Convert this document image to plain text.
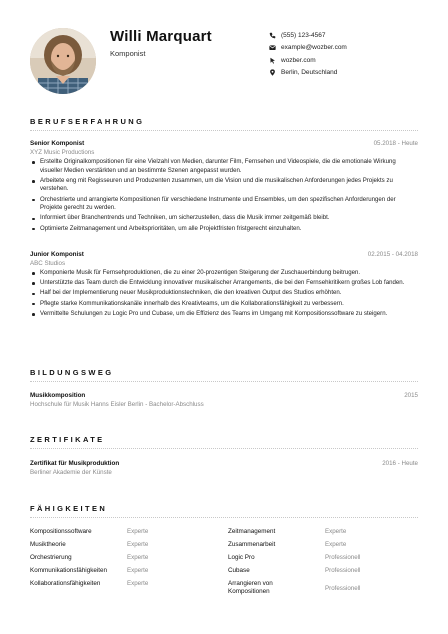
Willi Marquart
Komponist
(555) 123-4567
example@wozber.com
wozber.com
Berlin, Deutschland
BERUFSERFAHRUNG
Senior Komponist	05.2018 - Heute
XYZ Music Productions
Erstellte Originalkompositionen für eine Vielzahl von Medien, darunter Film, Fernsehen und Videospiele, die die emotionale Wirkung visueller Medien verstärkten und an bestimmte Szenen angepasst wurden.
Arbeitete eng mit Regisseuren und Produzenten zusammen, um die Vision und die musikalischen Anforderungen jedes Projekts zu verstehen.
Orchestrierte und arrangierte Kompositionen für verschiedene Instrumente und Ensembles, um den spezifischen Anforderungen der Projekte gerecht zu werden.
Informiert über Branchentrends und Techniken, um sicherzustellen, dass die Musik immer zeitgemäß bleibt.
Optimierte Zeitmanagement und Arbeitsprioritäten, um alle Projektfristen fristgerecht einzuhalten.
Junior Komponist	02.2015 - 04.2018
ABC Studios
Komponierte Musik für Fernsehproduktionen, die zu einer 20-prozentigen Steigerung der Zuschauerbindung beitrugen.
Unterstützte das Team durch die Entwicklung innovativer musikalischer Arrangements, die bei den Fernsehkritikern großes Lob fanden.
Half bei der Implementierung neuer Musikproduktionstechniken, die den kreativen Output des Studios erhöhten.
Pflegte starke Kommunikationskanäle innerhalb des Kreativteams, um die Kollaborationsfähigkeit zu verbessern.
Vermittelte Schulungen zu Logic Pro und Cubase, um die Effizienz des Teams im Umgang mit Kompositionssoftware zu steigern.
BILDUNGSWEG
Musikkomposition	2015
Hochschule für Musik Hanns Eisler Berlin - Bachelor-Abschluss
ZERTIFIKATE
Zertifikat für Musikproduktion	2016 - Heute
Berliner Akademie der Künste
FÄHIGKEITEN
Kompositionssoftware	Experte
Musiktheorie	Experte
Orchestrierung	Experte
Kommunikationsfähigkeiten	Experte
Kollaborationsfähigkeiten	Experte
Zeitmanagement	Experte
Zusammenarbeit	Experte
Logic Pro	Professionell
Cubase	Professionell
Arrangieren von Kompositionen	Professionell
